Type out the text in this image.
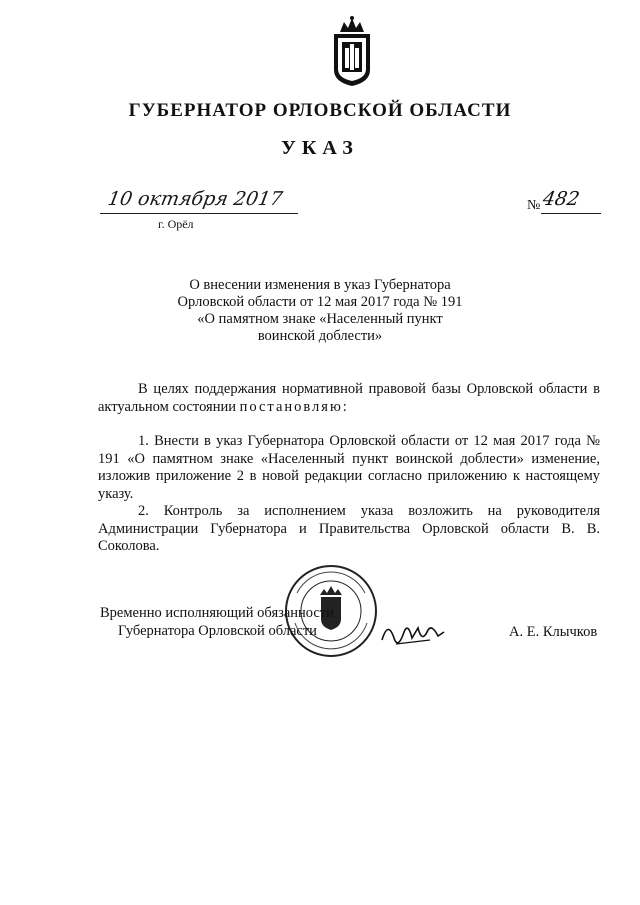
ГУБЕРНАТОР ОРЛОВСКОЙ ОБЛАСТИ
УКАЗ
10 октября 2017
г. Орёл
№ 482
О внесении изменения в указ Губернатора
Орловской области от 12 мая 2017 года № 191
«О памятном знаке «Населенный пункт
воинской доблести»
В целях поддержания нормативной правовой базы Орловской области в актуальном состоянии постановляю:
1. Внести в указ Губернатора Орловской области от 12 мая 2017 года № 191 «О памятном знаке «Населенный пункт воинской доблести» изменение, изложив приложение 2 в новой редакции согласно приложению к настоящему указу.
2. Контроль за исполнением указа возложить на руководителя Администрации Губернатора и Правительства Орловской области В. В. Соколова.
Временно исполняющий обязанности
Губернатора Орловской области	А. Е. Клычков
